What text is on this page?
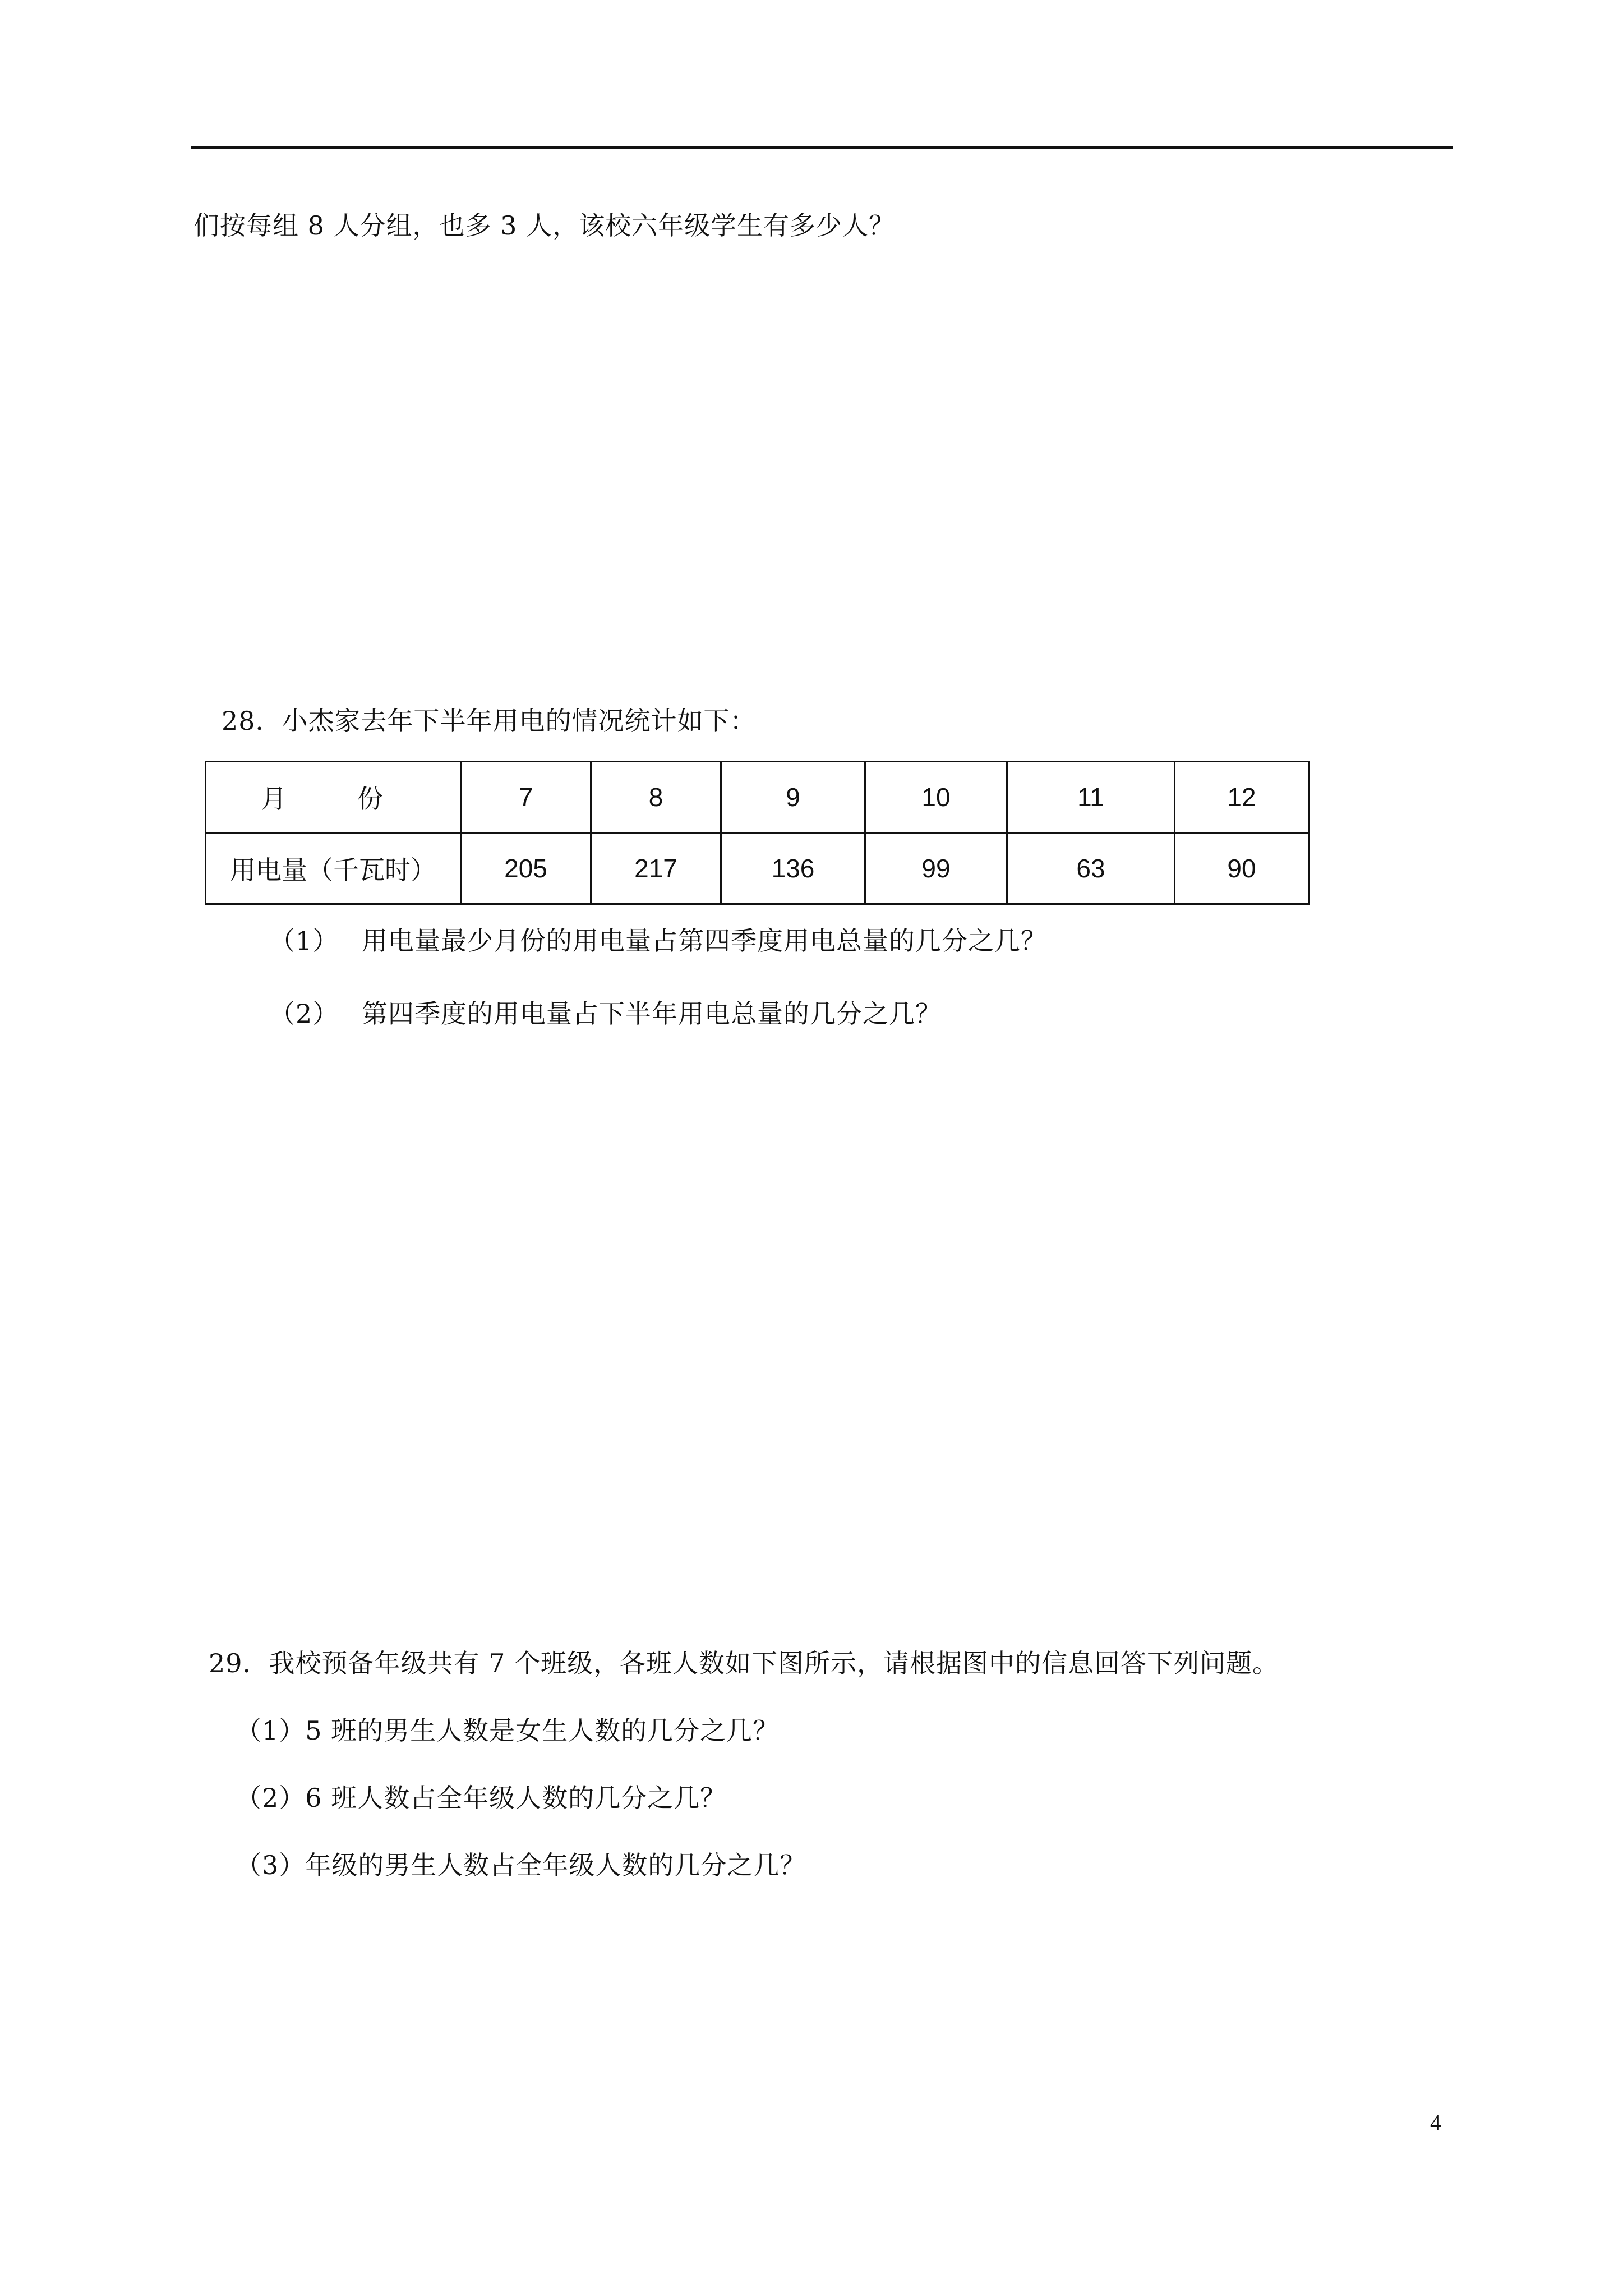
们按每组 8 人分组，也多 3 人，该校六年级学生有多少人？
28．小杰家去年下半年用电的情况统计如下：
月　份	7	8	9	10	11	12
用电量（千瓦时）	205	217	136	99	63	90
（1） 用电量最少月份的用电量占第四季度用电总量的几分之几？
（2） 第四季度的用电量占下半年用电总量的几分之几？
29．我校预备年级共有 7 个班级，各班人数如下图所示，请根据图中的信息回答下列问题。
（1）5 班的男生人数是女生人数的几分之几？
（2）6 班人数占全年级人数的几分之几？
（3）年级的男生人数占全年级人数的几分之几？
4
